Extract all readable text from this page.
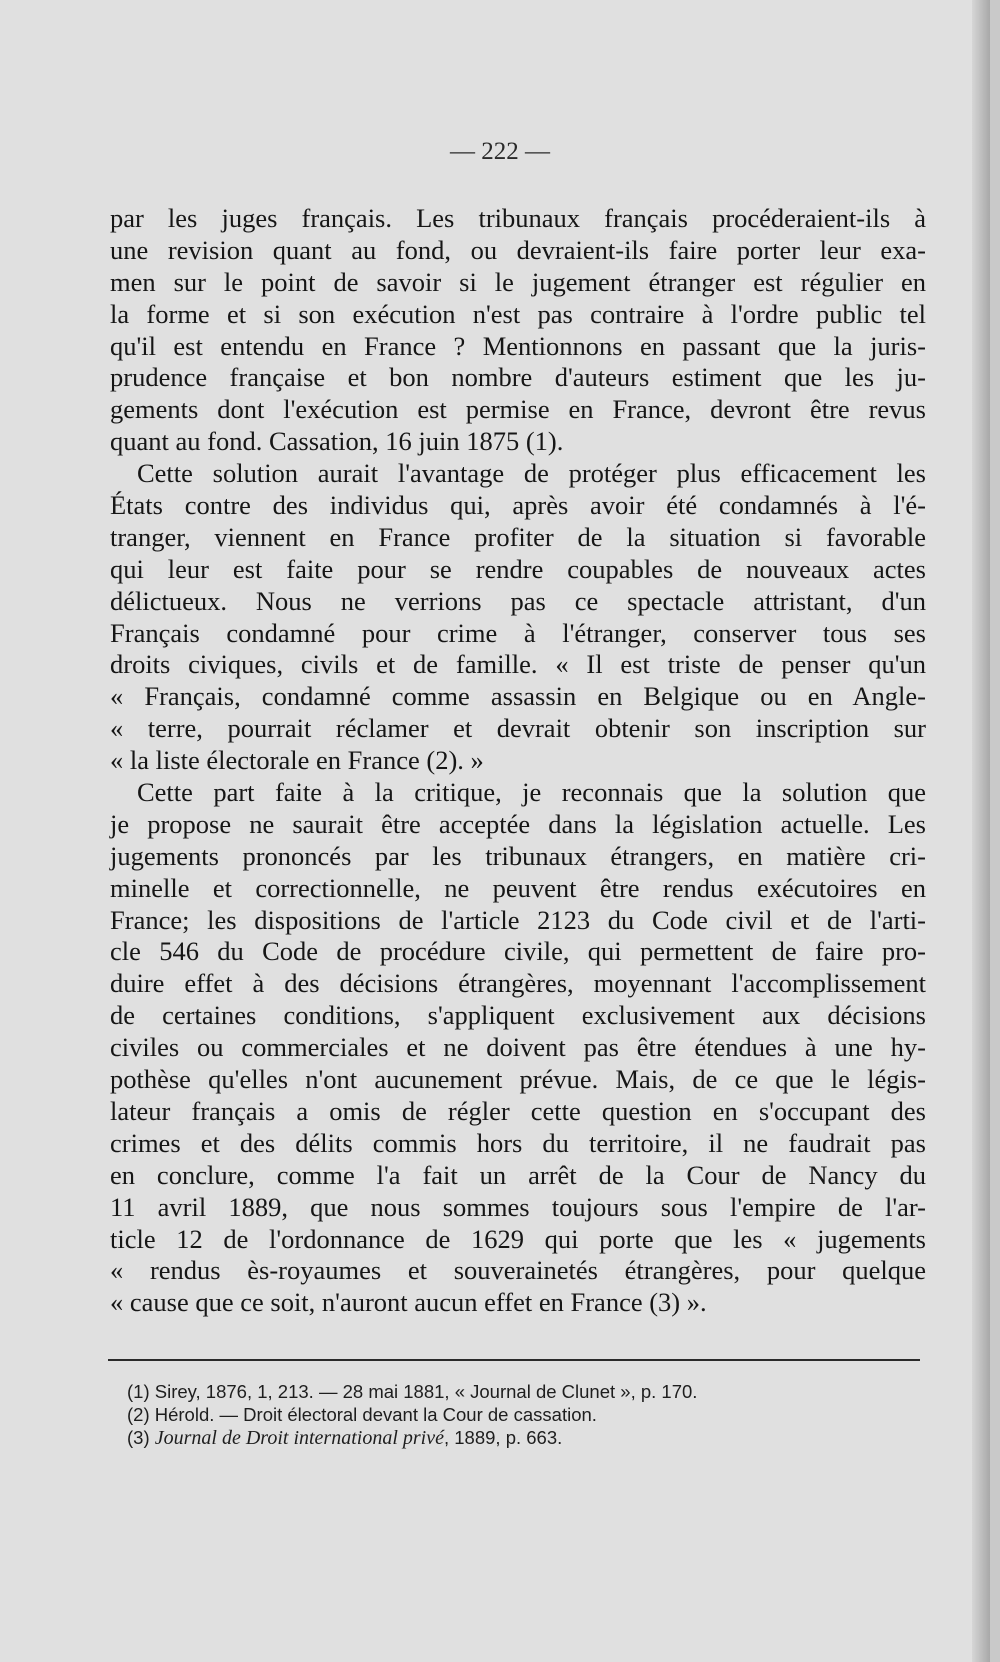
— 222 —
par les juges français. Les tribunaux français procéderaient-ils à
une revision quant au fond, ou devraient-ils faire porter leur exa-
men sur le point de savoir si le jugement étranger est régulier en
la forme et si son exécution n'est pas contraire à l'ordre public tel
qu'il est entendu en France ? Mentionnons en passant que la juris-
prudence française et bon nombre d'auteurs estiment que les ju-
gements dont l'exécution est permise en France, devront être revus
quant au fond. Cassation, 16 juin 1875 (1).
Cette solution aurait l'avantage de protéger plus efficacement les
États contre des individus qui, après avoir été condamnés à l'é-
tranger, viennent en France profiter de la situation si favorable
qui leur est faite pour se rendre coupables de nouveaux actes
délictueux. Nous ne verrions pas ce spectacle attristant, d'un
Français condamné pour crime à l'étranger, conserver tous ses
droits civiques, civils et de famille. « Il est triste de penser qu'un
« Français, condamné comme assassin en Belgique ou en Angle-
« terre, pourrait réclamer et devrait obtenir son inscription sur
« la liste électorale en France (2). »
Cette part faite à la critique, je reconnais que la solution que
je propose ne saurait être acceptée dans la législation actuelle. Les
jugements prononcés par les tribunaux étrangers, en matière cri-
minelle et correctionnelle, ne peuvent être rendus exécutoires en
France; les dispositions de l'article 2123 du Code civil et de l'arti-
cle 546 du Code de procédure civile, qui permettent de faire pro-
duire effet à des décisions étrangères, moyennant l'accomplissement
de certaines conditions, s'appliquent exclusivement aux décisions
civiles ou commerciales et ne doivent pas être étendues à une hy-
pothèse qu'elles n'ont aucunement prévue. Mais, de ce que le légis-
lateur français a omis de régler cette question en s'occupant des
crimes et des délits commis hors du territoire, il ne faudrait pas
en conclure, comme l'a fait un arrêt de la Cour de Nancy du
11 avril 1889, que nous sommes toujours sous l'empire de l'ar-
ticle 12 de l'ordonnance de 1629 qui porte que les « jugements
« rendus ès-royaumes et souverainetés étrangères, pour quelque
« cause que ce soit, n'auront aucun effet en France (3) ».
(1) Sirey, 1876, 1, 213. — 28 mai 1881, « Journal de Clunet », p. 170.
(2) Hérold. — Droit électoral devant la Cour de cassation.
(3) Journal de Droit international privé, 1889, p. 663.
